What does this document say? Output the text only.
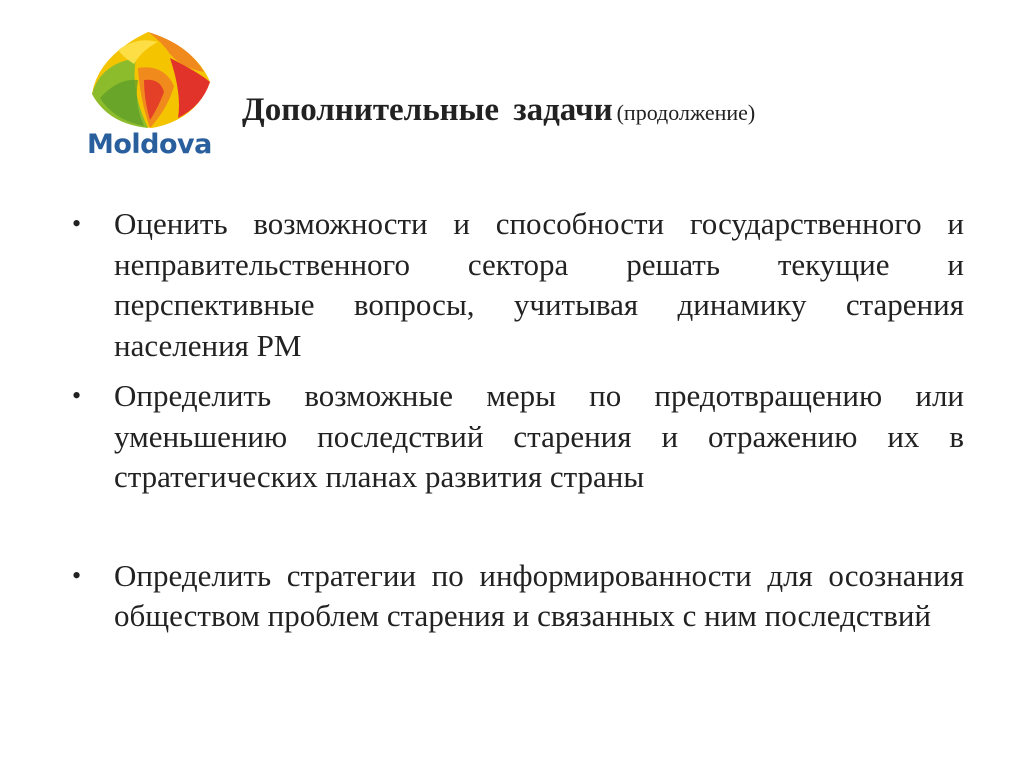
Moldova
Дополнительные задачи (продолжение)
• Оценить возможности и способности государственного и неправительственного сектора решать текущие и перспективные вопросы, учитывая динамику старения населения РМ
• Определить возможные меры по предотвращению или уменьшению последствий старения и отражению их в стратегических планах развития страны
• Определить стратегии по информированности для осознания обществом проблем старения и связанных с ним последствий
